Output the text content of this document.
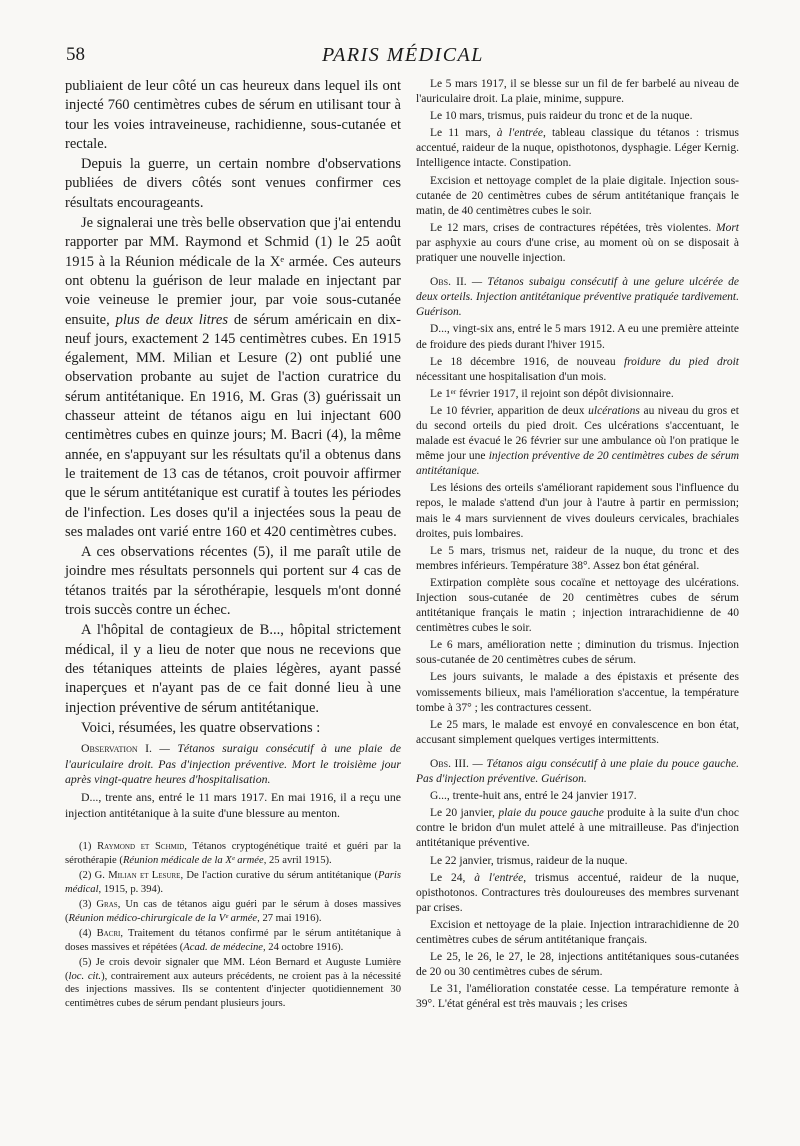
58	PARIS MÉDICAL

publiaient de leur côté un cas heureux dans lequel ils ont injecté 760 centimètres cubes de sérum en utilisant tour à tour les voies intraveineuse, rachidienne, sous-cutanée et rectale.

Depuis la guerre, un certain nombre d'observations publiées de divers côtés sont venues confirmer ces résultats encourageants.

Je signalerai une très belle observation que j'ai entendu rapporter par MM. Raymond et Schmid (1) le 25 août 1915 à la Réunion médicale de la Xᵉ armée. Ces auteurs ont obtenu la guérison de leur malade en injectant par voie veineuse le premier jour, par voie sous-cutanée ensuite, plus de deux litres de sérum américain en dix-neuf jours, exactement 2 145 centimètres cubes. En 1915 également, MM. Milian et Lesure (2) ont publié une observation probante au sujet de l'action curatrice du sérum antitétanique. En 1916, M. Gras (3) guérissait un chasseur atteint de tétanos aigu en lui injectant 600 centimètres cubes en quinze jours; M. Bacri (4), la même année, en s'appuyant sur les résultats qu'il a obtenus dans le traitement de 13 cas de tétanos, croit pouvoir affirmer que le sérum antitétanique est curatif à toutes les périodes de l'infection. Les doses qu'il a injectées sous la peau de ses malades ont varié entre 160 et 420 centimètres cubes.

A ces observations récentes (5), il me paraît utile de joindre mes résultats personnels qui portent sur 4 cas de tétanos traités par la sérothérapie, lesquels m'ont donné trois succès contre un échec.

A l'hôpital de contagieux de B..., hôpital strictement médical, il y a lieu de noter que nous ne recevions que des tétaniques atteints de plaies légères, ayant passé inaperçues et n'ayant pas de ce fait donné lieu à une injection préventive de sérum antitétanique.

Voici, résumées, les quatre observations :

Observation I. — Tétanos suraigu consécutif à une plaie de l'auriculaire droit. Pas d'injection préventive. Mort le troisième jour après vingt-quatre heures d'hospitalisation.

D..., trente ans, entré le 11 mars 1917. En mai 1916, il a reçu une injection antitétanique à la suite d'une blessure au menton.

(1) Raymond et Schmid, Tétanos cryptogénétique traité et guéri par la sérothérapie (Réunion médicale de la Xᵉ armée, 25 avril 1915).

(2) G. Milian et Lesure, De l'action curative du sérum antitétanique (Paris médical, 1915, p. 394).

(3) Gras, Un cas de tétanos aigu guéri par le sérum à doses massives (Réunion médico-chirurgicale de la Vᵉ armée, 27 mai 1916).

(4) Bacri, Traitement du tétanos confirmé par le sérum antitétanique à doses massives et répétées (Acad. de médecine, 24 octobre 1916).

(5) Je crois devoir signaler que MM. Léon Bernard et Auguste Lumière (loc. cit.), contrairement aux auteurs précédents, ne croient pas à la nécessité des injections massives. Ils se contentent d'injecter quotidiennement 30 centimètres cubes de sérum pendant plusieurs jours.

Le 5 mars 1917, il se blesse sur un fil de fer barbelé au niveau de l'auriculaire droit. La plaie, minime, suppure.

Le 10 mars, trismus, puis raideur du tronc et de la nuque.

Le 11 mars, à l'entrée, tableau classique du tétanos : trismus accentué, raideur de la nuque, opisthotonos, dysphagie. Léger Kernig. Intelligence intacte. Constipation.

Excision et nettoyage complet de la plaie digitale. Injection sous-cutanée de 20 centimètres cubes de sérum antitétanique français le matin, de 40 centimètres cubes le soir.

Le 12 mars, crises de contractures répétées, très violentes. Mort par asphyxie au cours d'une crise, au moment où on se disposait à pratiquer une nouvelle injection.

Obs. II. — Tétanos subaigu consécutif à une gelure ulcérée de deux orteils. Injection antitétanique préventive pratiquée tardivement. Guérison.

D..., vingt-six ans, entré le 5 mars 1912. A eu une première atteinte de froidure des pieds durant l'hiver 1915.

Le 18 décembre 1916, de nouveau froidure du pied droit nécessitant une hospitalisation d'un mois.

Le 1ᵉʳ février 1917, il rejoint son dépôt divisionnaire.

Le 10 février, apparition de deux ulcérations au niveau du gros et du second orteils du pied droit. Ces ulcérations s'accentuant, le malade est évacué le 26 février sur une ambulance où l'on pratique le même jour une injection préventive de 20 centimètres cubes de sérum antitétanique.

Les lésions des orteils s'améliorant rapidement sous l'influence du repos, le malade s'attend d'un jour à l'autre à partir en permission; mais le 4 mars surviennent de vives douleurs cervicales, brachiales droites, puis lombaires.

Le 5 mars, trismus net, raideur de la nuque, du tronc et des membres inférieurs. Température 38°. Assez bon état général.

Extirpation complète sous cocaïne et nettoyage des ulcérations. Injection sous-cutanée de 20 centimètres cubes de sérum antitétanique français le matin ; injection intrarachidienne de 40 centimètres cubes le soir.

Le 6 mars, amélioration nette ; diminution du trismus. Injection sous-cutanée de 20 centimètres cubes de sérum.

Les jours suivants, le malade a des épistaxis et présente des vomissements bilieux, mais l'amélioration s'accentue, la température tombe à 37° ; les contractures cessent.

Le 25 mars, le malade est envoyé en convalescence en bon état, accusant simplement quelques vertiges intermittents.

Obs. III. — Tétanos aigu consécutif à une plaie du pouce gauche. Pas d'injection préventive. Guérison.

G..., trente-huit ans, entré le 24 janvier 1917.

Le 20 janvier, plaie du pouce gauche produite à la suite d'un choc contre le bridon d'un mulet attelé à une mitrailleuse. Pas d'injection antitétanique préventive.

Le 22 janvier, trismus, raideur de la nuque.

Le 24, à l'entrée, trismus accentué, raideur de la nuque, opisthotonos. Contractures très douloureuses des membres survenant par crises.

Excision et nettoyage de la plaie. Injection intrarachidienne de 20 centimètres cubes de sérum antitétanique français.

Le 25, le 26, le 27, le 28, injections antitétaniques sous-cutanées de 20 ou 30 centimètres cubes de sérum.

Le 31, l'amélioration constatée cesse. La température remonte à 39°. L'état général est très mauvais ; les crises
